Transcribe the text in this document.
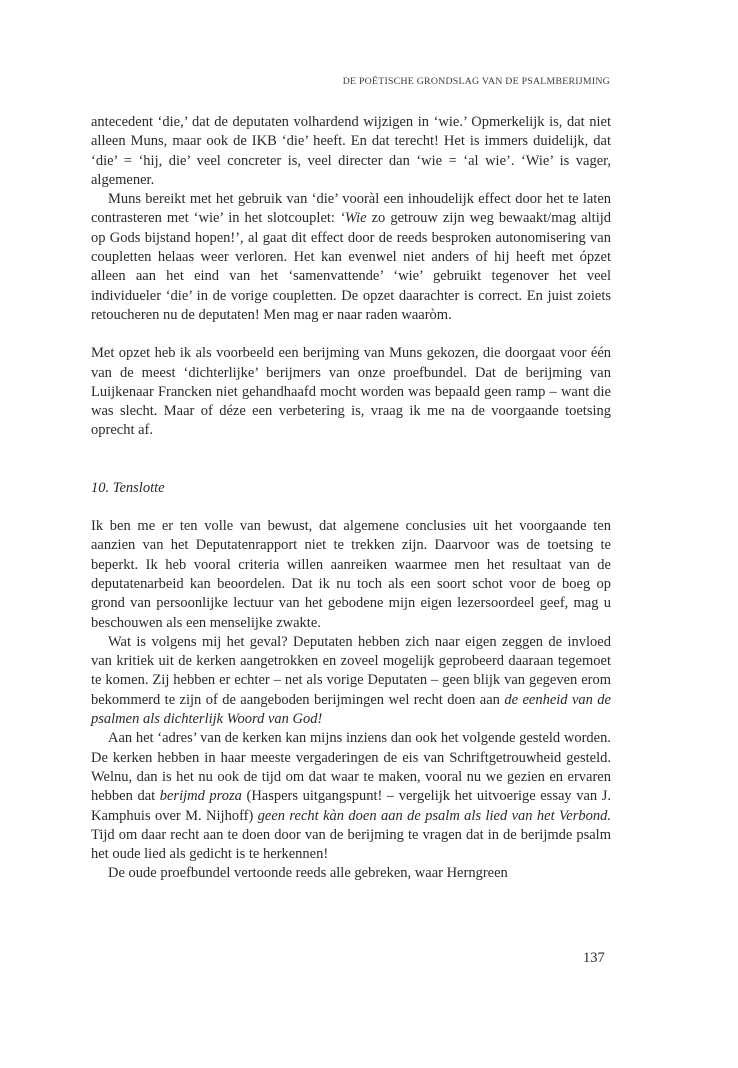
DE POËTISCHE GRONDSLAG VAN DE PSALMBERIJMING

antecedent ‘die,’ dat de deputaten volhardend wijzigen in ‘wie.’ Opmerkelijk is, dat niet alleen Muns, maar ook de IKB ‘die’ heeft. En dat terecht! Het is immers duidelijk, dat ‘die’ = ‘hij, die’ veel concreter is, veel directer dan ‘wie = ‘al wie’. ‘Wie’ is vager, algemener.

Muns bereikt met het gebruik van ‘die’ vooràl een inhoudelijk effect door het te laten contrasteren met ‘wie’ in het slotcouplet: ‘Wie zo getrouw zijn weg bewaakt/mag altijd op Gods bijstand hopen!’, al gaat dit effect door de reeds besproken autonomisering van coupletten helaas weer verloren. Het kan evenwel niet anders of hij heeft met ópzet alleen aan het eind van het ‘samenvattende’ ‘wie’ gebruikt tegenover het veel individueler ‘die’ in de vorige coupletten. De opzet daarachter is correct. En juist zoiets retoucheren nu de deputaten! Men mag er naar raden waaròm.

Met opzet heb ik als voorbeeld een berijming van Muns gekozen, die doorgaat voor één van de meest ‘dichterlijke’ berijmers van onze proefbundel. Dat de berijming van Luijkenaar Francken niet gehandhaafd mocht worden was bepaald geen ramp – want die was slecht. Maar of déze een verbetering is, vraag ik me na de voorgaande toetsing oprecht af.

10. Tenslotte

Ik ben me er ten volle van bewust, dat algemene conclusies uit het voorgaande ten aanzien van het Deputatenrapport niet te trekken zijn. Daarvoor was de toetsing te beperkt. Ik heb vooral criteria willen aanreiken waarmee men het resultaat van de deputatenarbeid kan beoordelen. Dat ik nu toch als een soort schot voor de boeg op grond van persoonlijke lectuur van het gebodene mijn eigen lezersoordeel geef, mag u beschouwen als een menselijke zwakte.

Wat is volgens mij het geval? Deputaten hebben zich naar eigen zeggen de invloed van kritiek uit de kerken aangetrokken en zoveel mogelijk geprobeerd daaraan tegemoet te komen. Zij hebben er echter – net als vorige Deputaten – geen blijk van gegeven erom bekommerd te zijn of de aangeboden berijmingen wel recht doen aan de eenheid van de psalmen als dichterlijk Woord van God!

Aan het ‘adres’ van de kerken kan mijns inziens dan ook het volgende gesteld worden. De kerken hebben in haar meeste vergaderingen de eis van Schriftgetrouwheid gesteld. Welnu, dan is het nu ook de tijd om dat waar te maken, vooral nu we gezien en ervaren hebben dat berijmd proza (Haspers uitgangspunt! – vergelijk het uitvoerige essay van J. Kamphuis over M. Nijhoff) geen recht kàn doen aan de psalm als lied van het Verbond. Tijd om daar recht aan te doen door van de berijming te vragen dat in de berijmde psalm het oude lied als gedicht is te herkennen!

De oude proefbundel vertoonde reeds alle gebreken, waar Herngreen

137
